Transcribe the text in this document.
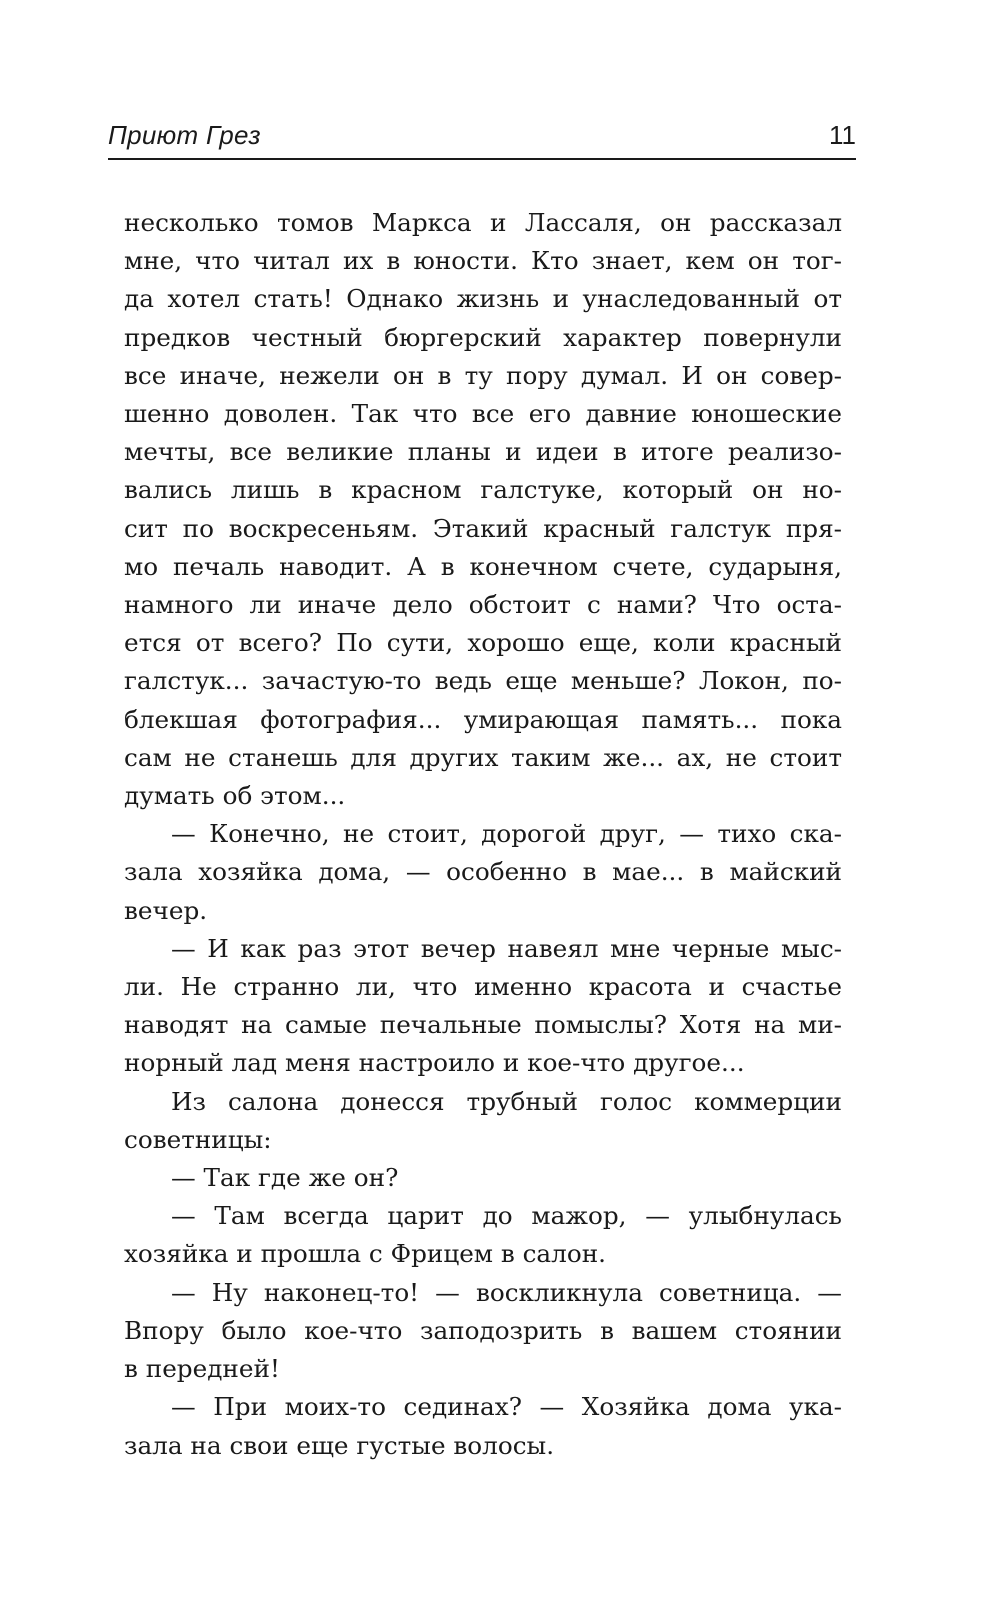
Приют Грез	11
несколько томов Маркса и Лассаля, он рассказал
мне, что читал их в юности. Кто знает, кем он тог-
да хотел стать! Однако жизнь и унаследованный от
предков честный бюргерский характер повернули
все иначе, нежели он в ту пору думал. И он совер-
шенно доволен. Так что все его давние юношеские
мечты, все великие планы и идеи в итоге реализо-
вались лишь в красном галстуке, который он но-
сит по воскресеньям. Этакий красный галстук пря-
мо печаль наводит. А в конечном счете, сударыня,
намного ли иначе дело обстоит с нами? Что оста-
ется от всего? По сути, хорошо еще, коли красный
галстук... зачастую-то ведь еще меньше? Локон, по-
блекшая фотография... умирающая память... пока
сам не станешь для других таким же... ах, не стоит
думать об этом...
— Конечно, не стоит, дорогой друг, — тихо ска-
зала хозяйка дома, — особенно в мае... в майский
вечер.
— И как раз этот вечер навеял мне черные мыс-
ли. Не странно ли, что именно красота и счастье
наводят на самые печальные помыслы? Хотя на ми-
норный лад меня настроило и кое-что другое...
Из салона донесся трубный голос коммерции
советницы:
— Так где же он?
— Там всегда царит до мажор, — улыбнулась
хозяйка и прошла с Фрицем в салон.
— Ну наконец-то! — воскликнула советница. —
Впору было кое-что заподозрить в вашем стоянии
в передней!
— При моих-то сединах? — Хозяйка дома ука-
зала на свои еще густые волосы.
